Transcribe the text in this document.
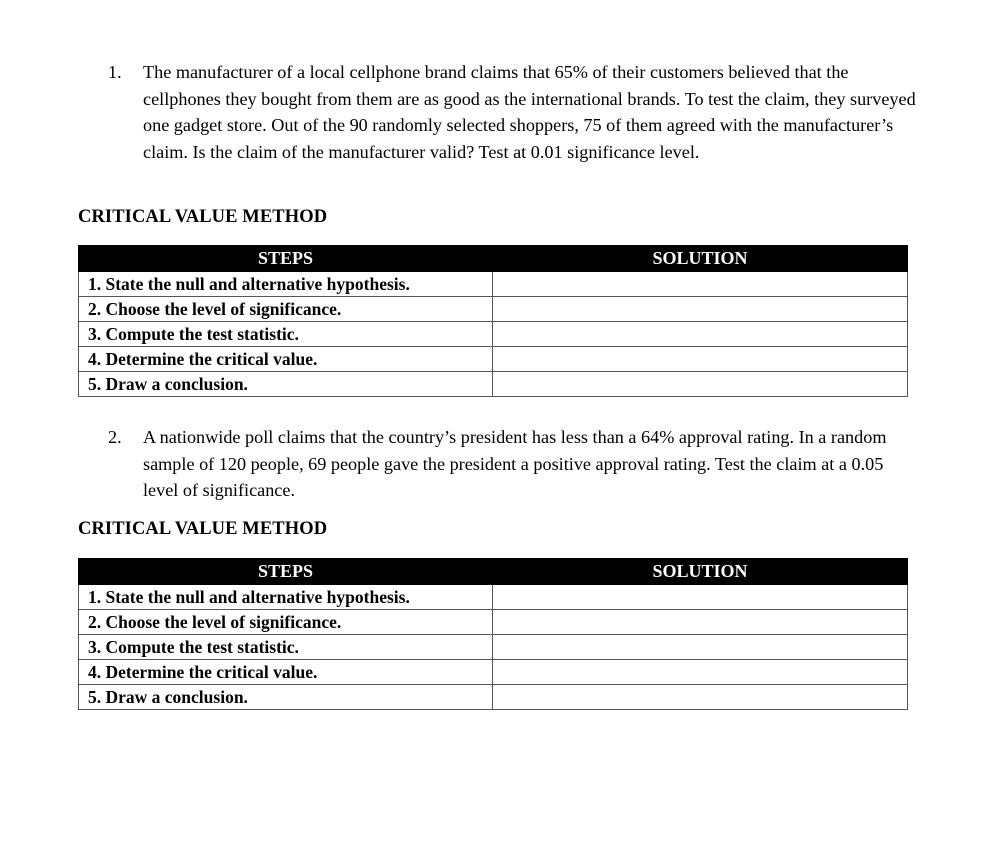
1. The manufacturer of a local cellphone brand claims that 65% of their customers believed that the cellphones they bought from them are as good as the international brands. To test the claim, they surveyed one gadget store. Out of the 90 randomly selected shoppers, 75 of them agreed with the manufacturer’s claim. Is the claim of the manufacturer valid? Test at 0.01 significance level.
CRITICAL VALUE METHOD
STEPS	SOLUTION
1. State the null and alternative hypothesis.	
2. Choose the level of significance.	
3. Compute the test statistic.	
4. Determine the critical value.	
5. Draw a conclusion.	
2. A nationwide poll claims that the country’s president has less than a 64% approval rating. In a random sample of 120 people, 69 people gave the president a positive approval rating. Test the claim at a 0.05 level of significance.
CRITICAL VALUE METHOD
STEPS	SOLUTION
1. State the null and alternative hypothesis.	
2. Choose the level of significance.	
3. Compute the test statistic.	
4. Determine the critical value.	
5. Draw a conclusion.	
